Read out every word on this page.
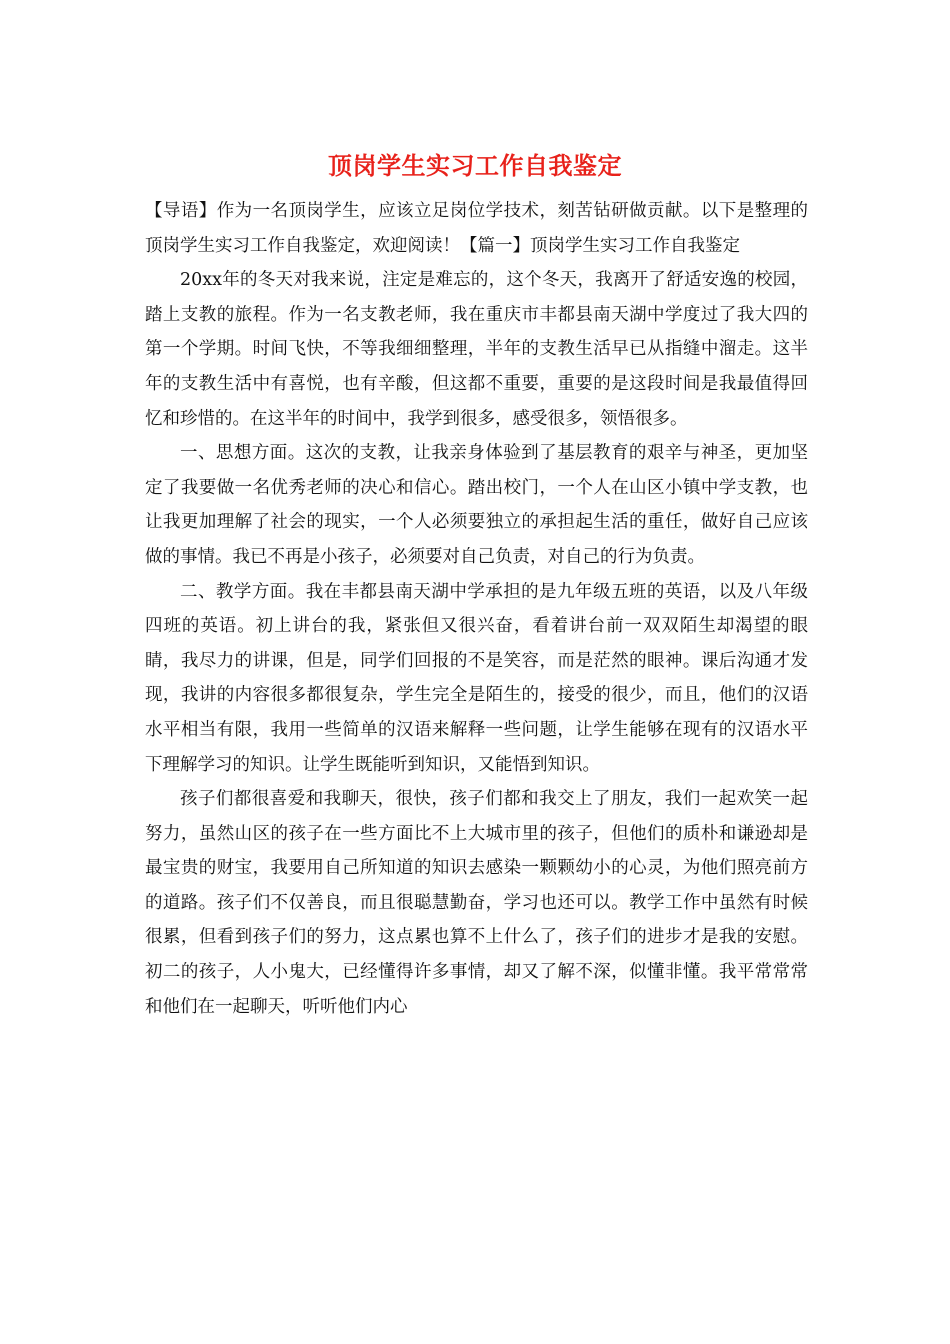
顶岗学生实习工作自我鉴定

【导语】作为一名顶岗学生，应该立足岗位学技术，刻苦钻研做贡献。以下是整理的顶岗学生实习工作自我鉴定，欢迎阅读！【篇一】顶岗学生实习工作自我鉴定

20xx年的冬天对我来说，注定是难忘的，这个冬天，我离开了舒适安逸的校园，踏上支教的旅程。作为一名支教老师，我在重庆市丰都县南天湖中学度过了我大四的第一个学期。时间飞快，不等我细细整理，半年的支教生活早已从指缝中溜走。这半年的支教生活中有喜悦，也有辛酸，但这都不重要，重要的是这段时间是我最值得回忆和珍惜的。在这半年的时间中，我学到很多，感受很多，领悟很多。

一、思想方面。这次的支教，让我亲身体验到了基层教育的艰辛与神圣，更加坚定了我要做一名优秀老师的决心和信心。踏出校门，一个人在山区小镇中学支教，也让我更加理解了社会的现实，一个人必须要独立的承担起生活的重任，做好自己应该做的事情。我已不再是小孩子，必须要对自己负责，对自己的行为负责。

二、教学方面。我在丰都县南天湖中学承担的是九年级五班的英语，以及八年级四班的英语。初上讲台的我，紧张但又很兴奋，看着讲台前一双双陌生却渴望的眼睛，我尽力的讲课，但是，同学们回报的不是笑容，而是茫然的眼神。课后沟通才发现，我讲的内容很多都很复杂，学生完全是陌生的，接受的很少，而且，他们的汉语水平相当有限，我用一些简单的汉语来解释一些问题，让学生能够在现有的汉语水平下理解学习的知识。让学生既能听到知识，又能悟到知识。

孩子们都很喜爱和我聊天，很快，孩子们都和我交上了朋友，我们一起欢笑一起努力，虽然山区的孩子在一些方面比不上大城市里的孩子，但他们的质朴和谦逊却是最宝贵的财宝，我要用自己所知道的知识去感染一颗颗幼小的心灵，为他们照亮前方的道路。孩子们不仅善良，而且很聪慧勤奋，学习也还可以。教学工作中虽然有时候很累，但看到孩子们的努力，这点累也算不上什么了，孩子们的进步才是我的安慰。初二的孩子，人小鬼大，已经懂得许多事情，却又了解不深，似懂非懂。我平常常常和他们在一起聊天，听听他们内心
